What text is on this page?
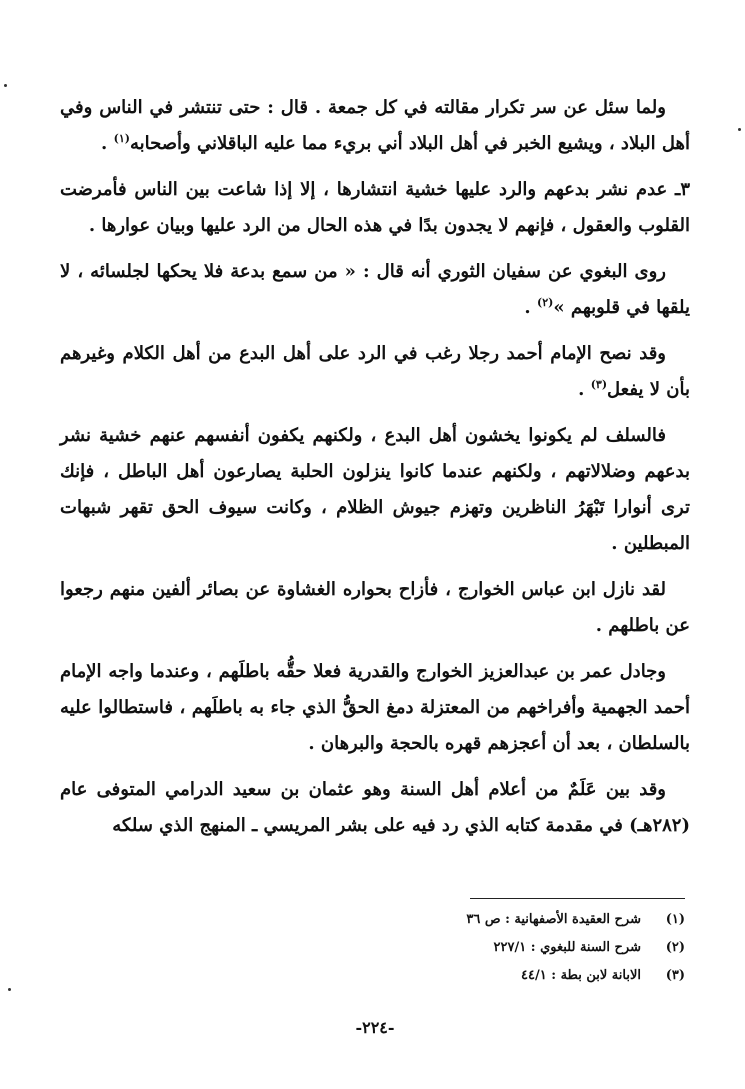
ولما سئل عن سر تكرار مقالته في كل جمعة . قال : حتى تنتشر في الناس وفي أهل البلاد ، ويشيع الخبر في أهل البلاد أني بريء مما عليه الباقلاني وأصحابه$^{(١)}$ .

٣ـ عدم نشر بدعهم والرد عليها خشية انتشارها ، إلا إذا شاعت بين الناس فأمرضت القلوب والعقول ، فإنهم لا يجدون بدًا في هذه الحال من الرد عليها وبيان عوارها .

روى البغوي عن سفيان الثوري أنه قال : « من سمع بدعة فلا يحكها لجلسائه ، لا يلقها في قلوبهم »$^{(٢)}$ .

وقد نصح الإمام أحمد رجلا رغب في الرد على أهل البدع من أهل الكلام وغيرهم بأن لا يفعل$^{(٣)}$ .

فالسلف لم يكونوا يخشون أهل البدع ، ولكنهم يكفون أنفسهم عنهم خشية نشر بدعهم وضلالاتهم ، ولكنهم عندما كانوا ينزلون الحلبة يصارعون أهل الباطل ، فإنك ترى أنوارا تَبْهَرُ الناظرين وتهزم جيوش الظلام ، وكانت سيوف الحق تقهر شبهات المبطلين .

لقد نازل ابن عباس الخوارج ، فأزاح بحواره الغشاوة عن بصائر ألفين منهم رجعوا عن باطلهم .

وجادل عمر بن عبدالعزيز الخوارج والقدرية فعلا حقُّه باطلَهم ، وعندما واجه الإمام أحمد الجهمية وأفراخهم من المعتزلة دمغ الحقُّ الذي جاء به باطلَهم ، فاستطالوا عليه بالسلطان ، بعد أن أعجزهم قهره بالحجة والبرهان .

وقد بين عَلَمٌ من أعلام أهل السنة وهو عثمان بن سعيد الدرامي المتوفى عام (٢٨٢هـ) في مقدمة كتابه الذي رد فيه على بشر المريسي ـ المنهج الذي سلكه

(١)
شرح العقيدة الأصفهانية : ص ٣٦
(٢)
شرح السنة للبغوي : ٢٢٧/١
(٣)
الابانة لابن بطة : ٤٤/١
-٢٢٤-
